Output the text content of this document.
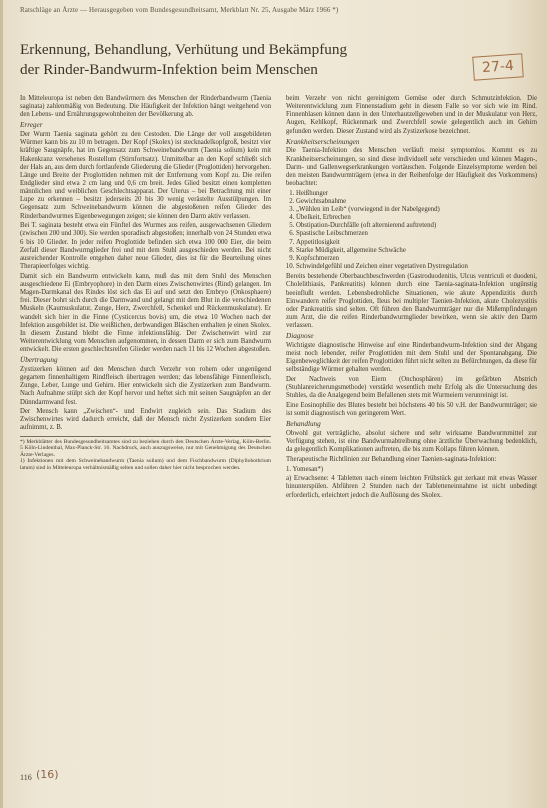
Ratschläge an Ärzte — Herausgegeben vom Bundesgesundheitsamt, Merkblatt Nr. 25, Ausgabe März 1966 *)
Erkennung, Behandlung, Verhütung und Bekämpfung
der Rinder-Bandwurm-Infektion beim Menschen	27-4

In Mitteleuropa ist neben den Bandwürmern des Menschen der Rinderbandwurm (Taenia saginata) zahlenmäßig von Bedeutung. Die Häufigkeit der Infektion hängt weitgehend von den Lebens- und Ernährungsgewohnheiten der Bevölkerung ab.

Erreger

Der Wurm Taenia saginata gehört zu den Cestoden. Die Länge der voll ausgebildeten Würmer kann bis zu 10 m betragen. Der Kopf (Skolex) ist stecknadelkopfgroß, besitzt vier kräftige Saugnäpfe, hat im Gegensatz zum Schweinebandwurm (Taenia solium) kein mit Hakenkranz versehenes Rostellum (Stirnfortsatz). Unmittelbar an den Kopf schließt sich der Hals an, aus dem durch fortlaufende Gliederung die Glieder (Proglottiden) hervorgehen. Länge und Breite der Proglottiden nehmen mit der Entfernung vom Kopf zu. Die reifen Endglieder sind etwa 2 cm lang und 0,6 cm breit. Jedes Glied besitzt einen kompletten männlichen und weiblichen Geschlechtsapparat. Der Uterus – bei Betrachtung mit einer Lupe zu erkennen – besitzt jederseits 20 bis 30 wenig verästelte Ausstülpungen. Im Gegensatz zum Schweinebandwurm können die abgestoßenen reifen Glieder des Rinderbandwurmes Eigenbewegungen zeigen; sie können den Darm aktiv verlassen.

Bei T. saginata besteht etwa ein Fünftel des Wurmes aus reifen, ausgewachsenen Gliedern (zwischen 200 und 300). Sie werden sporadisch abgestoßen; innerhalb von 24 Stunden etwa 6 bis 10 Glieder. In jeder reifen Proglottide befinden sich etwa 100 000 Eier, die beim Zerfall dieser Bandwurmglieder frei und mit dem Stuhl ausgeschieden werden. Bei nicht ausreichender Kontrolle entgehen daher neue Glieder, dies ist für die Beurteilung eines Therapieerfolges wichtig.

Damit sich ein Bandwurm entwickeln kann, muß das mit dem Stuhl des Menschen ausgeschiedene Ei (Embryophore) in den Darm eines Zwischenwirtes (Rind) gelangen. Im Magen-Darmkanal des Rindes löst sich das Ei auf und setzt den Embryo (Onkosphaere) frei. Dieser bohrt sich durch die Darmwand und gelangt mit dem Blut in die verschiedenen Muskeln (Kaumuskulatur, Zunge, Herz, Zwerchfell, Schenkel und Rückenmuskulatur). Er wandelt sich hier in die Finne (Cysticercus bovis) um, die etwa 10 Wochen nach der Infektion ausgebildet ist. Die weißlichen, derbwandigen Bläschen enthalten je einen Skolex. In diesem Zustand bleibt die Finne infektionsfähig. Der Zwischenwirt wird zur Weiterentwicklung vom Menschen aufgenommen, in dessen Darm er sich zum Bandwurm entwickelt. Die ersten geschlechtsreifen Glieder werden nach 11 bis 12 Wochen abgestoßen.

Übertragung

Zystizerken können auf den Menschen durch Verzehr von rohem oder ungenügend gegartem finnenhaltigem Rindfleisch übertragen werden; das lebensfähige Finnenfleisch, Zunge, Leber, Lunge und Gehirn. Hier entwickeln sich die Zystizerken zum Bandwurm. Nach Aufnahme stülpt sich der Kopf hervor und heftet sich mit seinen Saugnäpfen an der Dünndarmwand fest.

Der Mensch kann „Zwischen“- und Endwirt zugleich sein. Das Stadium des Zwischenwirtes wird dadurch erreicht, daß der Mensch nicht Zystizerken sondern Eier aufnimmt, z. B.

*) Merkblätter des Bundesgesundheitsamtes sind zu beziehen durch den Deutschen Ärzte-Verlag, Köln-Berlin. 5 Köln-Lindenthal, Max-Planck-Str. 16. Nachdruck, auch auszugsweise, nur mit Genehmigung des Deutschen Ärzte-Verlages.
1) Infektionen mit dem Schweinebandwurm (Taenia solium) und dem Fischbandwurm (Diphyllobothrium latum) sind in Mitteleuropa verhältnismäßig selten und sollen daher hier nicht besprochen werden.

beim Verzehr von nicht gereinigtem Gemüse oder durch Schmutzinfektion. Die Weiterentwicklung zum Finnenstadium geht in diesem Falle so vor sich wie im Rind. Finnenblasen können dann in den Unterhautzellgeweben und in der Muskulatur von Herz, Augen, Kehlkopf, Rückenmark und Zwerchfell sowie gelegentlich auch im Gehirn gefunden werden. Dieser Zustand wird als Zystizerkose bezeichnet.

Krankheitserscheinungen

Die Taenia-Infektion des Menschen verläuft meist symptomlos. Kommt es zu Krankheitserscheinungen, so sind diese individuell sehr verschieden und können Magen-, Darm- und Gallenwegserkrankungen vortäuschen. Folgende Einzelsymptome werden bei den meisten Bandwurmträgern (etwa in der Reihenfolge der Häufigkeit des Vorkommens) beobachtet:

1. Heißhunger
2. Gewichtsabnahme
3. „Wühlen im Leib“ (vorwiegend in der Nabelgegend)
4. Übelkeit, Erbrechen
5. Obstipation-Durchfälle (oft alternierend auftretend)
6. Spastische Leibschmerzen
7. Appetitlosigkeit
8. Starke Müdigkeit, allgemeine Schwäche
9. Kopfschmerzen
10. Schwindelgefühl und Zeichen einer vegetativen Dystregulation

Bereits bestehende Oberbauchbeschwerden (Gastroduodenitis, Ulcus ventriculi et duodeni, Cholelithiasis, Pankreatitis) können durch eine Taenia-saginata-Infektion ungünstig beeinflußt werden. Lebensbedrohliche Situationen, wie akute Appendizitis durch Einwandern reifer Proglottiden, Ileus bei multipler Taenien-Infektion, akute Cholezystitis oder Pankreatitis sind selten. Oft führen den Bandwurmträger nur die Mißempfindungen zum Arzt, die die reifen Rinderbandwurmglieder bewirken, wenn sie aktiv den Darm verlassen.

Diagnose

Wichtigste diagnostische Hinweise auf eine Rinderbandwurm-Infektion sind der Abgang meist noch lebender, reifer Proglottiden mit dem Stuhl und der Spontanabgang. Die Eigenbeweglichkeit der reifen Proglottiden führt nicht selten zu Befürchtungen, da diese für selbständige Würmer gehalten werden.

Der Nachweis von Eiern (Onchosphären) im gefärbten Abstrich (Stuhlanreicherungsmethode) verstärkt wesentlich mehr Erfolg als die Untersuchung des Stuhles, da die Analgegend beim Befallenen stets mit Wurmeiern verunreinigt ist.

Eine Eosinophilie des Blutes besteht bei höchstens 40 bis 50 v.H. der Bandwurmträger; sie ist somit diagnostisch von geringerem Wert.

Behandlung

Obwohl gut verträgliche, absolut sichere und sehr wirksame Bandwurmmittel zur Verfügung stehen, ist eine Bandwurmabtreibung ohne ärztliche Überwachung bedenklich, da gelegentlich Komplikationen auftreten, die bis zum Kollaps führen können.

Therapeutische Richtlinien zur Behandlung einer Taenien-saginata-Infektion:

1. Yomesan*)

a) Erwachsene: 4 Tabletten nach einem leichten Frühstück gut zerkaut mit etwas Wasser hinunterspülen. Abführen 2 Stunden nach der Tabletteneinnahme ist nicht unbedingt erforderlich, erleichtert jedoch die Auflösung des Skolex.

116 (16)
